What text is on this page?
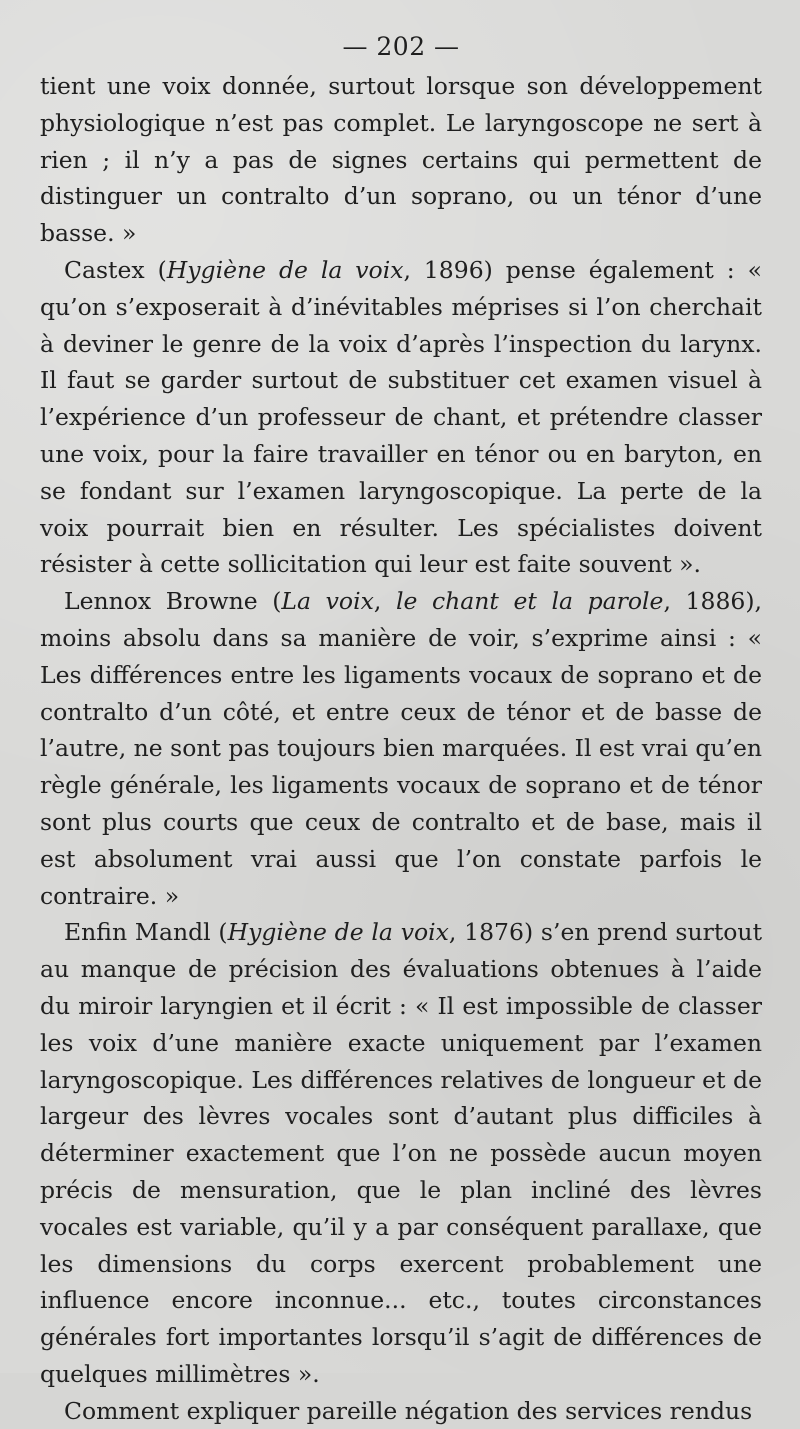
— 202 —

tient une voix donnée, surtout lorsque son développement physiologique n’est pas complet. Le laryngoscope ne sert à rien ; il n’y a pas de signes certains qui permettent de distinguer un contralto d’un soprano, ou un ténor d’une basse. »

Castex (Hygiène de la voix, 1896) pense également : « qu’on s’exposerait à d’inévitables méprises si l’on cherchait à deviner le genre de la voix d’après l’inspection du larynx. Il faut se garder surtout de substituer cet examen visuel à l’expérience d’un professeur de chant, et prétendre classer une voix, pour la faire travailler en ténor ou en baryton, en se fondant sur l’examen laryngoscopique. La perte de la voix pourrait bien en résulter. Les spécialistes doivent résister à cette sollicitation qui leur est faite souvent ».

Lennox Browne (La voix, le chant et la parole, 1886), moins absolu dans sa manière de voir, s’exprime ainsi : « Les différences entre les ligaments vocaux de soprano et de contralto d’un côté, et entre ceux de ténor et de basse de l’autre, ne sont pas toujours bien marquées. Il est vrai qu’en règle générale, les ligaments vocaux de soprano et de ténor sont plus courts que ceux de contralto et de base, mais il est absolument vrai aussi que l’on constate parfois le contraire. »

Enfin Mandl (Hygiène de la voix, 1876) s’en prend surtout au manque de précision des évaluations obtenues à l’aide du miroir laryngien et il écrit : « Il est impossible de classer les voix d’une manière exacte uniquement par l’examen laryngoscopique. Les différences relatives de longueur et de largeur des lèvres vocales sont d’autant plus difficiles à déterminer exactement que l’on ne possède aucun moyen précis de mensuration, que le plan incliné des lèvres vocales est variable, qu’il y a par conséquent parallaxe, que les dimensions du corps exercent probablement une influence encore inconnue... etc., toutes circonstances générales fort importantes lorsqu’il s’agit de différences de quelques millimètres ».

Comment expliquer pareille négation des services rendus
